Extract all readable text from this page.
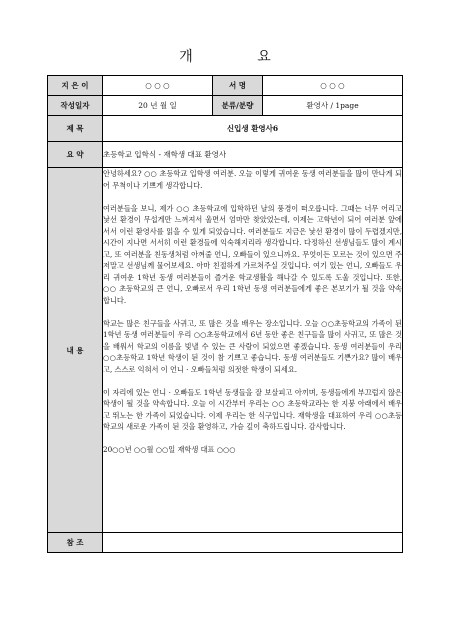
개 요
지 은 이	○ ○ ○	서 명	○ ○ ○
작성일자	20 년 월 일	분류/분량	환영사 / 1page
제 목	신입생 환영사6		
요 약	초등학교 입학식 - 재학생 대표 환영사		
내 용	안녕하세요? ○○ 초등학교 입학생 여러분. 오늘 이렇게 귀여운 동생 여러분들을 많이 만나게 되어 무척이나 기쁘게 생각합니다.

여러분들을 보니, 제가 ○○ 초등학교에 입학하던 날의 풍경이 떠오릅니다. 그때는 너무 어리고 낯선 환경이 무섭게만 느껴져서 울면서 엄마만 찾았었는데, 이제는 고학년이 되어 여러분 앞에 서서 이런 환영사를 읽을 수 있게 되었습니다. 여러분들도 지금은 낯선 환경이 많이 두렵겠지만, 시간이 지나면 서서히 이런 환경들에 익숙해지리라 생각합니다. 다정하신 선생님들도 많이 계시고, 또 여러분을 친동생처럼 아껴줄 언니, 오빠들이 있으니까요. 무엇이든 모르는 것이 있으면 주저말고 선생님께 물어보세요. 아마 친절하게 가르쳐주실 것입니다. 여기 있는 언니, 오빠들도 우리 귀여운 1학년 동생 여러분들이 즐거운 학교생활을 해나갈 수 있도록 도울 것입니다. 또한, ○○ 초등학교의 큰 언니, 오빠로서 우리 1학년 동생 여러분들에게 좋은 본보기가 될 것을 약속합니다.

학교는 많은 친구들을 사귀고, 또 많은 것을 배우는 장소입니다. 오늘 ○○초등학교의 가족이 된 1학년 동생 여러분들이 우리 ○○초등학교에서 6년 동안 좋은 친구들을 많이 사귀고, 또 많은 것을 배워서 학교의 이름을 빛낼 수 있는 큰 사람이 되었으면 좋겠습니다. 동생 여러분들이 우리 ○○초등학교 1학년 학생이 된 것이 참 기쁘고 좋습니다. 동생 여러분들도 기쁜가요? 많이 배우고, 스스로 익혀서 이 언니 · 오빠들처럼 의젓한 학생이 되세요.

이 자리에 있는 언니 · 오빠들도 1학년 동생들을 잘 보살피고 아끼며, 동생들에게 부끄럽지 않은 학생이 될 것을 약속합니다. 오늘 이 시간부터 우리는 ○○ 초등학교라는 한 지붕 아래에서 배우고 뛰노는 한 가족이 되었습니다. 이제 우리는 한 식구입니다. 재학생을 대표하여 우리 ○○초등학교의 새로운 가족이 된 것을 환영하고, 가슴 깊이 축하드립니다. 감사합니다.

20○○년 ○○월 ○○일 재학생 대표 ○○○		

참 조			
